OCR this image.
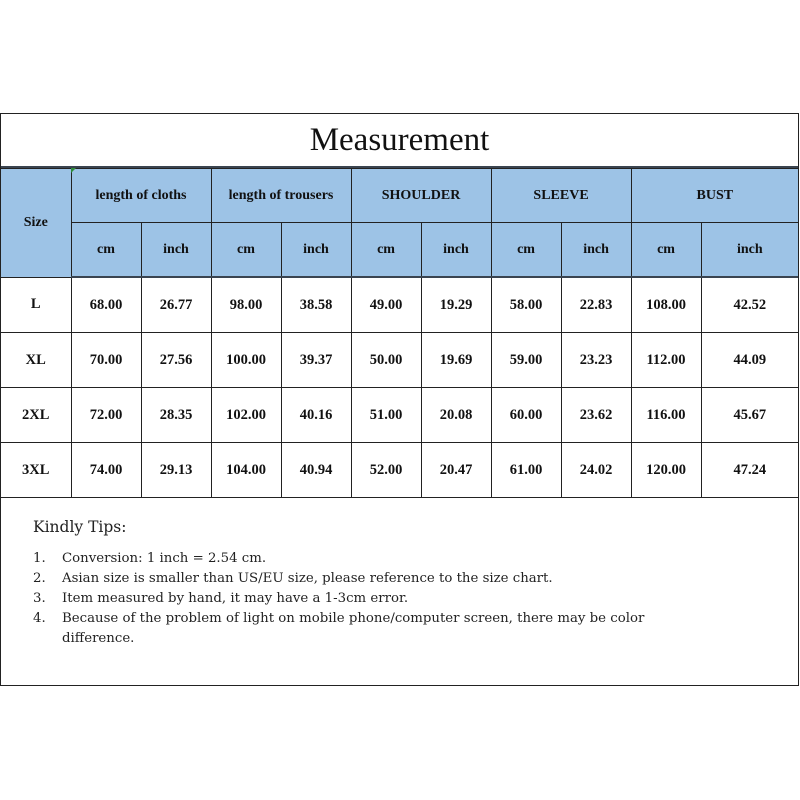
Measurement
Size	length of cloths		length of trousers		SHOULDER		SLEEVE		BUST	
	cm	inch	cm	inch	cm	inch	cm	inch	cm	inch
L	68.00	26.77	98.00	38.58	49.00	19.29	58.00	22.83	108.00	42.52
XL	70.00	27.56	100.00	39.37	50.00	19.69	59.00	23.23	112.00	44.09
2XL	72.00	28.35	102.00	40.16	51.00	20.08	60.00	23.62	116.00	45.67
3XL	74.00	29.13	104.00	40.94	52.00	20.47	61.00	24.02	120.00	47.24
Kindly Tips:
1.	Conversion: 1 inch = 2.54 cm.
2.	Asian size is smaller than US/EU size, please reference to the size chart.
3.	Item measured by hand, it may have a 1-3cm error.
4.	Because of the problem of light on mobile phone/computer screen, there may be color difference.
